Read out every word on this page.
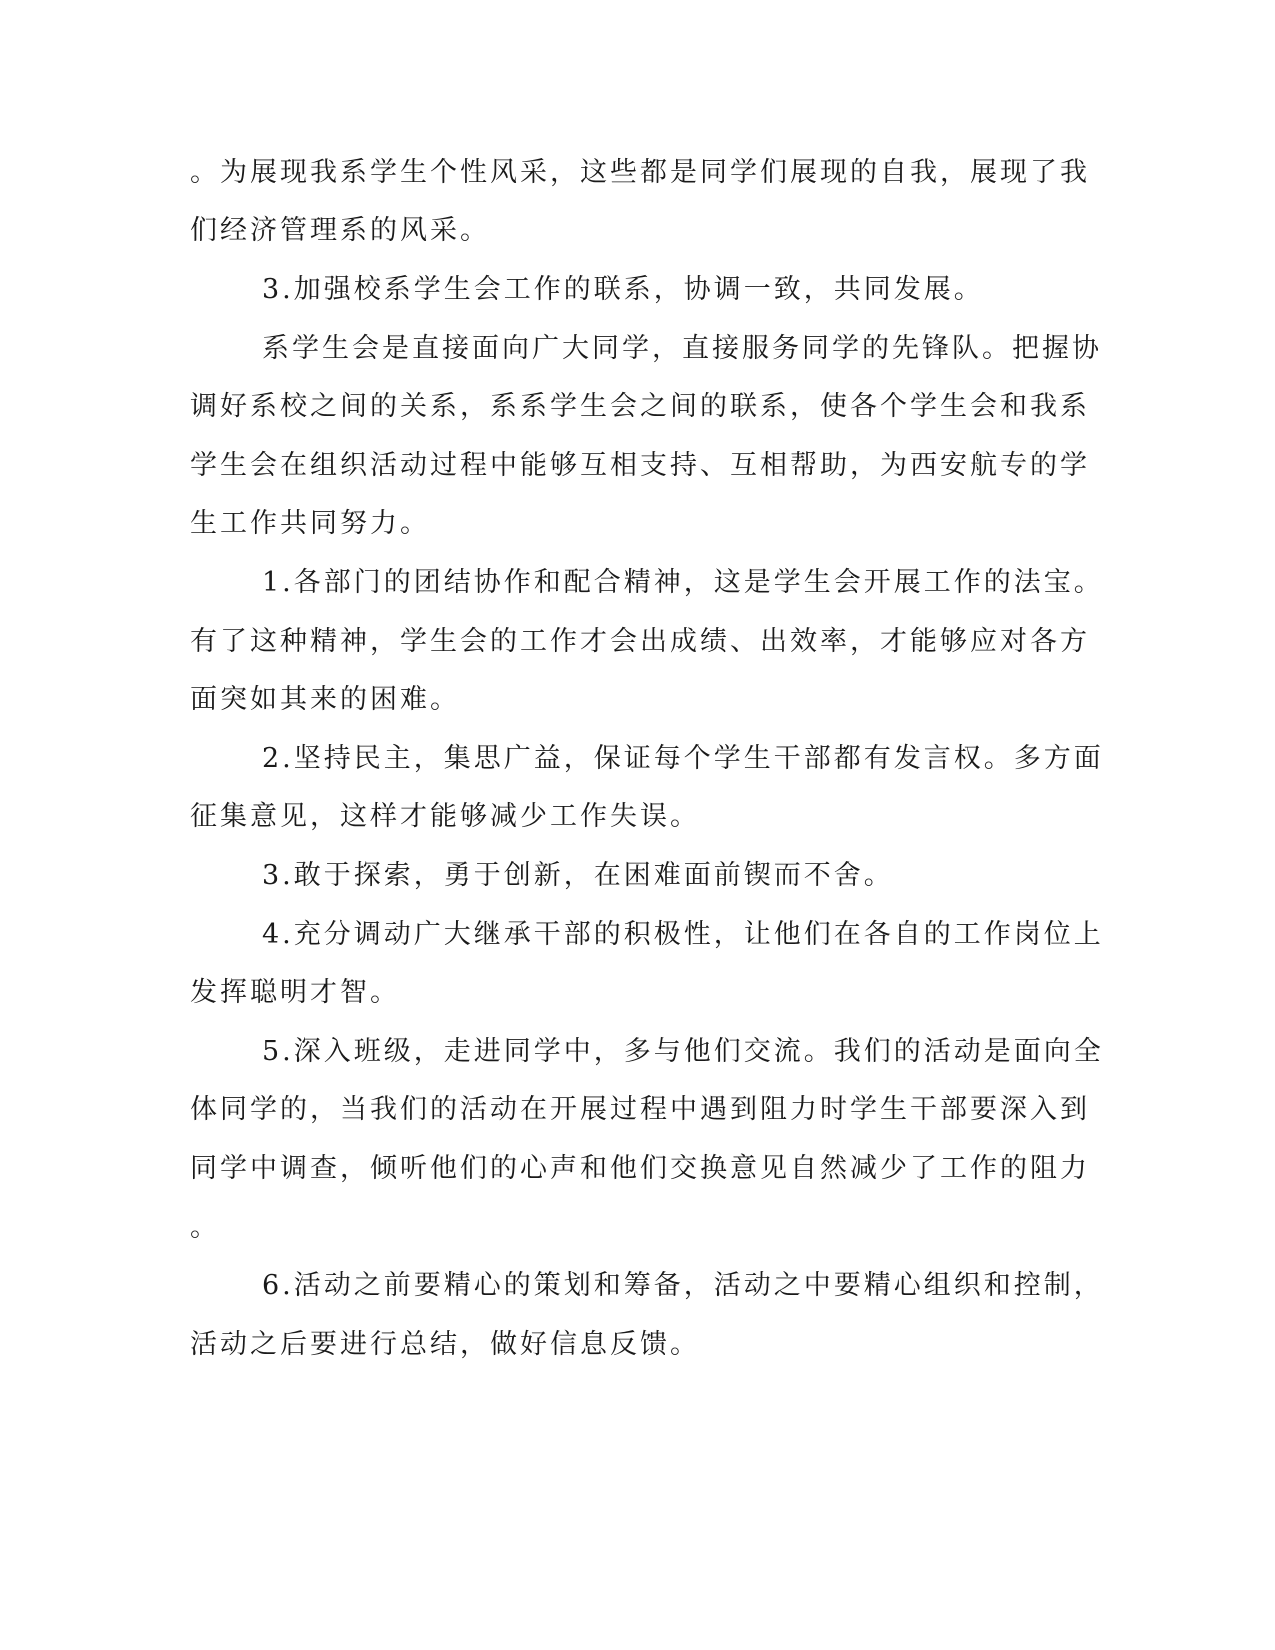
。为展现我系学生个性风采，这些都是同学们展现的自我，展现了我
们经济管理系的风采。
3.加强校系学生会工作的联系，协调一致，共同发展。
系学生会是直接面向广大同学，直接服务同学的先锋队。把握协
调好系校之间的关系，系系学生会之间的联系，使各个学生会和我系
学生会在组织活动过程中能够互相支持、互相帮助，为西安航专的学
生工作共同努力。
1.各部门的团结协作和配合精神，这是学生会开展工作的法宝。
有了这种精神，学生会的工作才会出成绩、出效率，才能够应对各方
面突如其来的困难。
2.坚持民主，集思广益，保证每个学生干部都有发言权。多方面
征集意见，这样才能够减少工作失误。
3.敢于探索，勇于创新，在困难面前锲而不舍。
4.充分调动广大继承干部的积极性，让他们在各自的工作岗位上
发挥聪明才智。
5.深入班级，走进同学中，多与他们交流。我们的活动是面向全
体同学的，当我们的活动在开展过程中遇到阻力时学生干部要深入到
同学中调查，倾听他们的心声和他们交换意见自然减少了工作的阻力
。
6.活动之前要精心的策划和筹备，活动之中要精心组织和控制，
活动之后要进行总结，做好信息反馈。
